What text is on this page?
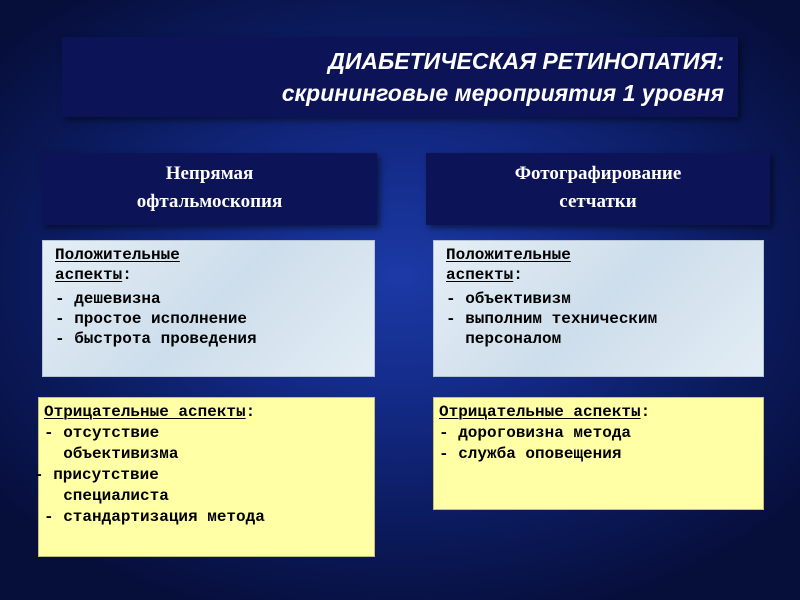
ДИАБЕТИЧЕСКАЯ РЕТИНОПАТИЯ:
скрининговые мероприятия 1 уровня
Непрямая
офтальмоскопия
Положительные
аспекты:
- дешевизна
- простое исполнение
- быстрота проведения
Отрицательные аспекты:
- отсутствие
объективизма
- присутствие
специалиста
- стандартизация метода
Фотографирование
сетчатки
Положительные
аспекты:
- объективизм
- выполним техническим
персоналом
Отрицательные аспекты:
- дороговизна метода
- служба оповещения
